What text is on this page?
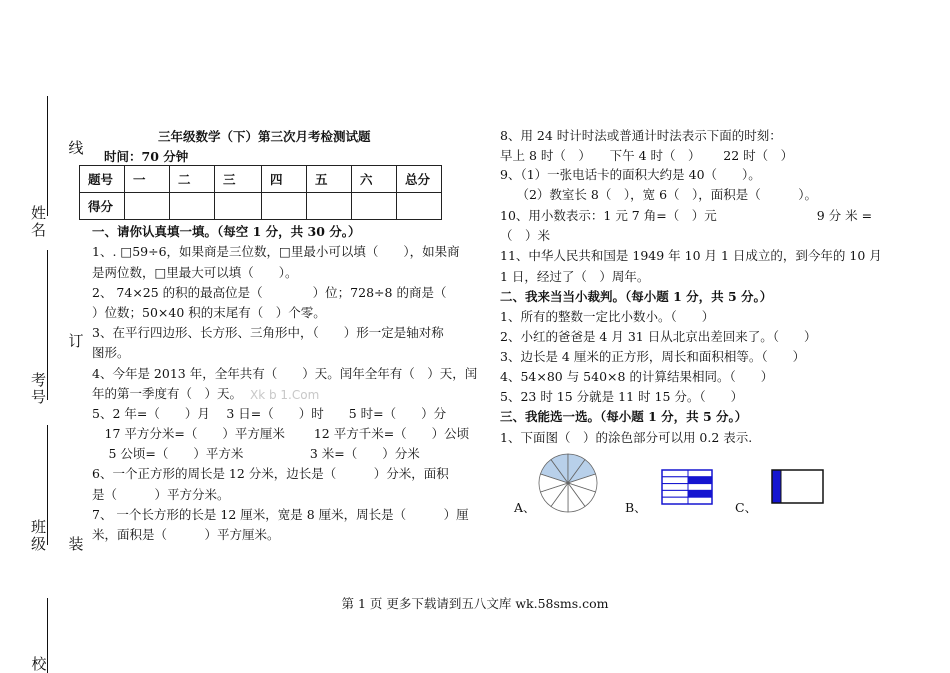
姓名
考号
班级
校
线
订
装
三年级数学（下）第三次月考检测试题
时间：70 分钟
题号	一	二	三	四	五	六	总分
得分							
一、请你认真填一填。（每空 1 分，共 30 分。）
1、. □59÷6，如果商是三位数，□里最小可以填（　　），如果商
是两位数，□里最大可以填（　　）。
2、 74×25 的积的最高位是（　　　　）位；728÷8 的商是（
）位数；50×40 积的末尾有（　）个零。
3、在平行四边形、长方形、三角形中，（　　）形一定是轴对称
图形。
4、今年是 2013 年，全年共有（　　）天。闰年全年有（　）天，闰
年的第一季度有（　）天。 Xk b 1.Com
5、2 年=（　　）月　 3 日=（　　）时　　5 时=（　　）分
　17 平方分米=（　　）平方厘米　　 12 平方千米=（　　）公顷
　 5 公顷=（　　）平方米　　　　　 3 米=（　　）分米
6、一个正方形的周长是 12 分米，边长是（　　　）分米，面积
是（　　　）平方分米。
7、 一个长方形的长是 12 厘米，宽是 8 厘米，周长是（　　　）厘
米，面积是（　　　）平方厘米。
8、用 24 时计时法或普通计时法表示下面的时刻：
早上 8 时（　）　　下午 4 时（　）　　 22 时（　）
9、（1）一张电话卡的面积大约是 40（　　）。
　 （2）教室长 8（　），宽 6（　），面积是（　　　）。
10、用小数表示：1 元 7 角=（　）元　　　　　　　　9 分 米 =
（　）米
11、中华人民共和国是 1949 年 10 月 1 日成立的，到今年的 10 月
1 日，经过了（　）周年。
二、我来当当小裁判。（每小题 1 分，共 5 分。）
1、所有的整数一定比小数小。（　　）
2、小红的爸爸是 4 月 31 日从北京出差回来了。（　　）
3、边长是 4 厘米的正方形，周长和面积相等。（　　）
4、54×80 与 540×8 的计算结果相同。（　　）
5、23 时 15 分就是 11 时 15 分。（　　）
三、我能选一选。（每小题 1 分，共 5 分。）
1、下面图（　）的涂色部分可以用 0.2 表示.
A、	B、	C、
第 1 页 更多下载请到五八文库 wk.58sms.com
